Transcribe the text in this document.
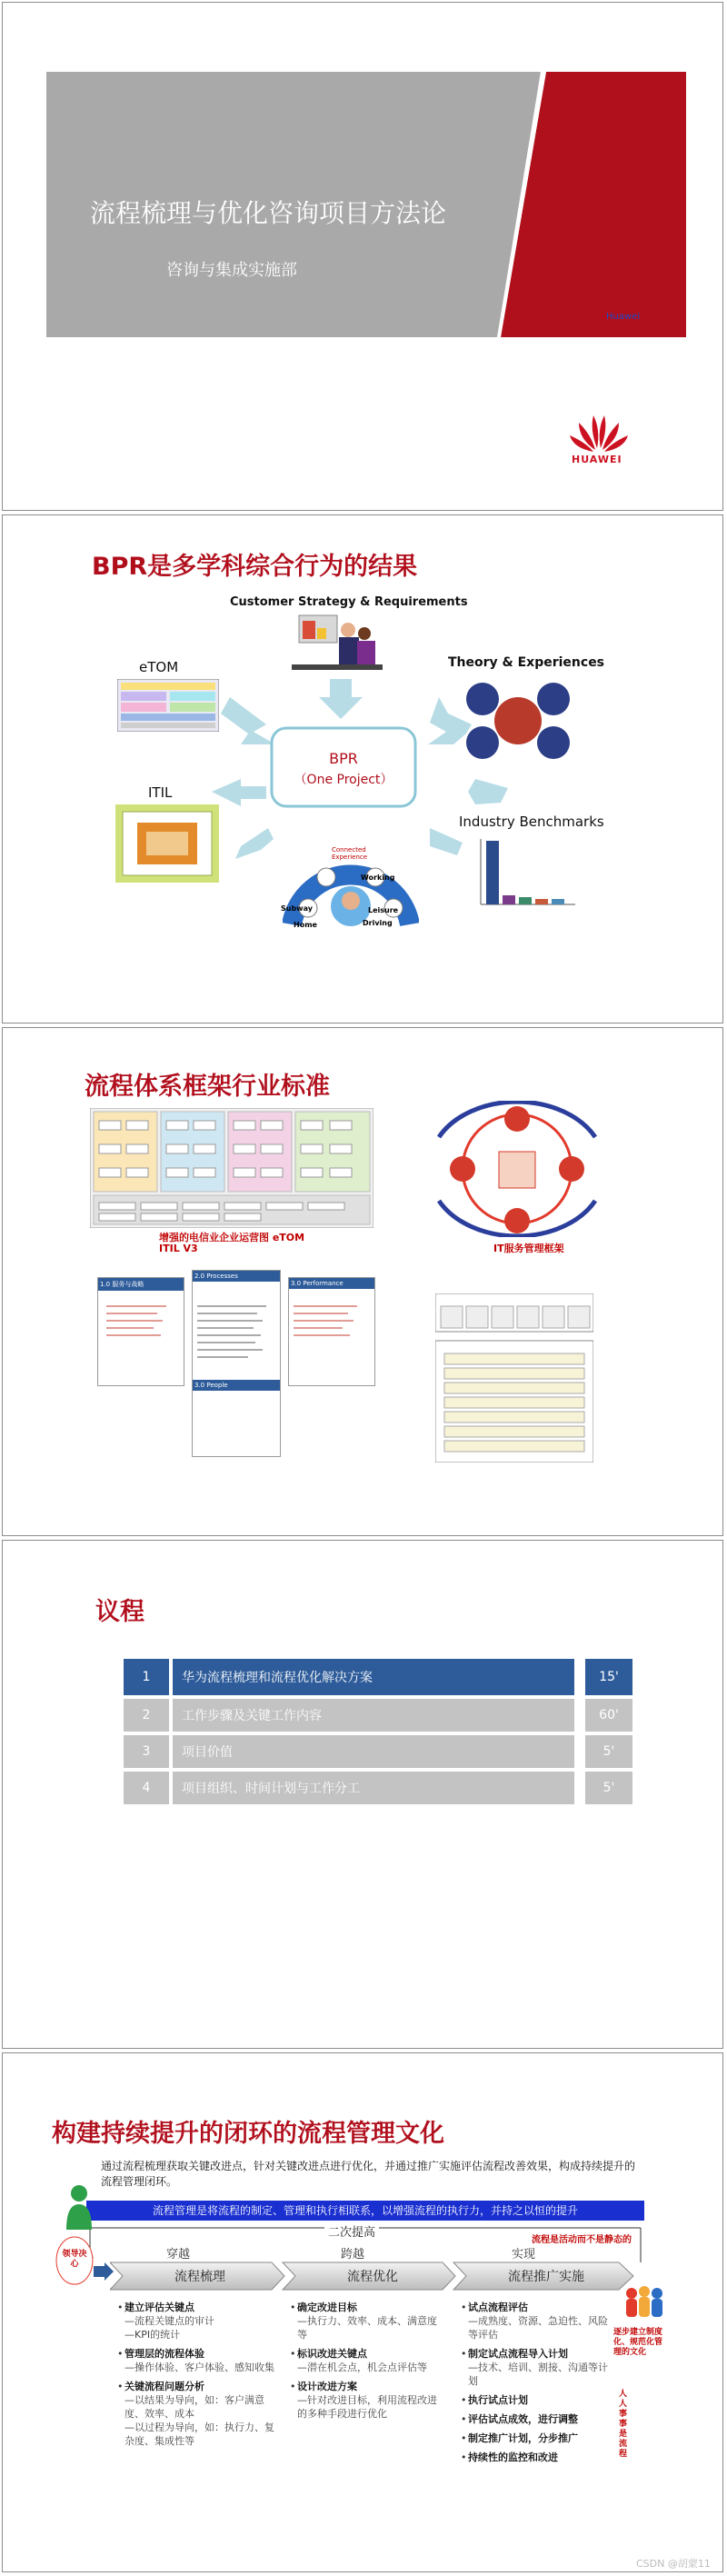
流程梳理与优化咨询项目方法论
咨询与集成实施部
Huawei
HUAWEI
BPR是多学科综合行为的结果
Customer Strategy & Requirements
BPR
（One Project）
eTOM	Theory & Experiences
ITIL
Industry Benchmarks
Subway
Home	Driving
Leisure
Working
Connected Experience
流程体系框架行业标准
增强的电信业企业运营图 eTOM
ITIL V3	IT服务管理框架
1.0 服务与战略
2.0 Processes
3.0 People
3.0 Performance
议程
1	华为流程梳理和流程优化解决方案	15'
2	工作步骤及关键工作内容	60'
3	项目价值	5'
4	项目组织、时间计划与工作分工	5'
构建持续提升的闭环的流程管理文化
通过流程梳理获取关键改进点，针对关键改进点进行优化，并通过推广实施评估流程改善效果，构成持续提升的流程管理闭环。
流程管理是将流程的制定、管理和执行相联系，以增强流程的执行力，并持之以恒的提升
二次提高
穿越	跨越	实现
流程是活动而不是静态的
流程梳理	流程优化	流程推广实施
领导决心
逐步建立制度化、规范化管理的文化
人人事事是流程
• 建立评估关键点
—流程关键点的审计
—KPI的统计
• 管理层的流程体验
—操作体验、客户体验、感知收集
• 关键流程问题分析
—以结果为导向，如：客户满意度、效率、成本
—以过程为导向，如：执行力、复杂度、集成性等
• 确定改进目标
—执行力、效率、成本、满意度等
• 标识改进关键点
—潜在机会点，机会点评估等
• 设计改进方案
—针对改进目标，利用流程改进的多种手段进行优化
• 试点流程评估
—成熟度、资源、急迫性、风险等评估
• 制定试点流程导入计划
—技术、培训、割接、沟通等计划
• 执行试点计划
• 评估试点成效，进行调整
• 制定推广计划，分步推广
• 持续性的监控和改进
CSDN @胡蒙11
